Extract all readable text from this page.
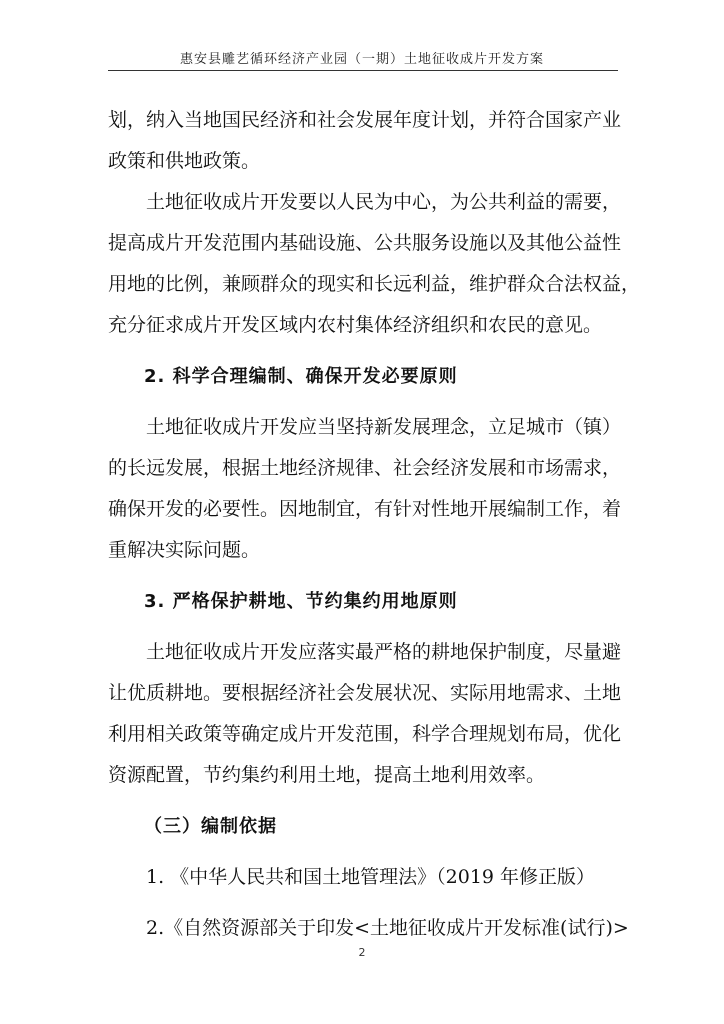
惠安县雕艺循环经济产业园（一期）土地征收成片开发方案
划，纳入当地国民经济和社会发展年度计划，并符合国家产业
政策和供地政策。
土地征收成片开发要以人民为中心，为公共利益的需要，
提高成片开发范围内基础设施、公共服务设施以及其他公益性
用地的比例，兼顾群众的现实和长远利益，维护群众合法权益，
充分征求成片开发区域内农村集体经济组织和农民的意见。
2. 科学合理编制、确保开发必要原则
土地征收成片开发应当坚持新发展理念，立足城市（镇）
的长远发展，根据土地经济规律、社会经济发展和市场需求，
确保开发的必要性。因地制宜，有针对性地开展编制工作，着
重解决实际问题。
3. 严格保护耕地、节约集约用地原则
土地征收成片开发应落实最严格的耕地保护制度，尽量避
让优质耕地。要根据经济社会发展状况、实际用地需求、土地
利用相关政策等确定成片开发范围，科学合理规划布局，优化
资源配置，节约集约利用土地，提高土地利用效率。
（三）编制依据
1. 《中华人民共和国土地管理法》（2019 年修正版）
2.《自然资源部关于印发<土地征收成片开发标准(试行)>
2
